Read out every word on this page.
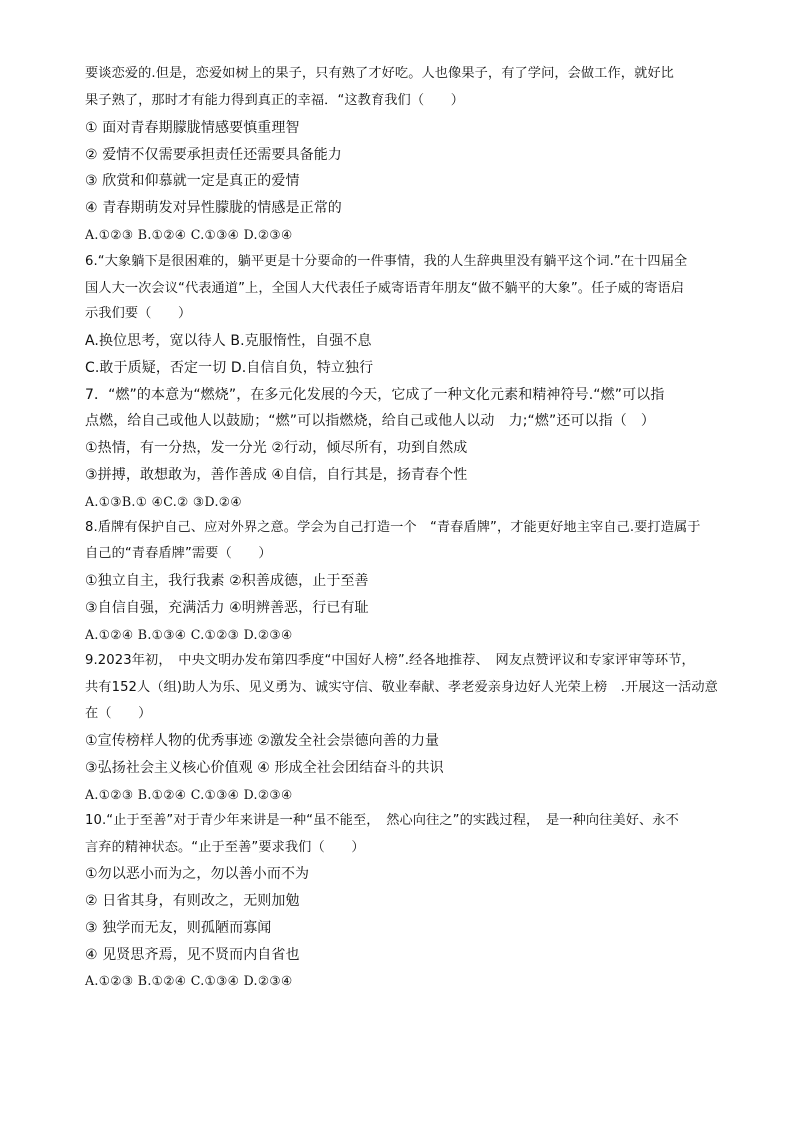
要谈恋爱的.但是，恋爱如树上的果子，只有熟了才好吃。人也像果子，有了学问，会做工作，就好比
果子熟了，那时才有能力得到真正的幸福．“这教育我们（　　）
① 面对青春期朦胧情感要慎重理智
② 爱情不仅需要承担责任还需要具备能力
③ 欣赏和仰慕就一定是真正的爱情
④ 青春期萌发对异性朦胧的情感是正常的
A.①②③ B.①②④ C.①③④ D.②③④
6.“大象躺下是很困难的，躺平更是十分要命的一件事情，我的人生辞典里没有躺平这个词.”在十四届全
国人大一次会议“代表通道”上，全国人大代表任子威寄语青年朋友“做不躺平的大象”。任子威的寄语启
示我们要（　　）
A.换位思考，宽以待人 B.克服惰性，自强不息
C.敢于质疑，否定一切 D.自信自负，特立独行
7．“燃”的本意为“燃烧”，在多元化发展的今天，它成了一种文化元素和精神符号.“燃”可以指
点燃，给自己或他人以鼓励；“燃”可以指燃烧，给自己或他人以动　力;“燃”还可以指（　）
①热情，有一分热，发一分光 ②行动，倾尽所有，功到自然成
③拼搏，敢想敢为，善作善成 ④自信，自行其是，扬青春个性
A.①③B.① ④C.② ③D.②④
8.盾牌有保护自己、应对外界之意。学会为自己打造一个　“青春盾牌”，才能更好地主宰自己.要打造属于
自己的“青春盾牌”需要（　　）
①独立自主，我行我素 ②积善成德，止于至善
③自信自强，充满活力 ④明辨善恶，行已有耻
A.①②④ B.①③④ C.①②③ D.②③④
9.2023年初，　中央文明办发布第四季度“中国好人榜”.经各地推荐、　网友点赞评议和专家评审等环节，
共有152人（组)助人为乐、见义勇为、诚实守信、敬业奉献、孝老爱亲身边好人光荣上榜　.开展这一活动意
在（　　）
①宣传榜样人物的优秀事迹 ②激发全社会崇德向善的力量
③弘扬社会主义核心价值观 ④ 形成全社会团结奋斗的共识
A.①②③ B.①②④ C.①③④ D.②③④
10.“止于至善”对于青少年来讲是一种“虽不能至，　然心向往之”的实践过程，　是一种向往美好、永不
言弃的精神状态。“止于至善”要求我们（　　）
①勿以恶小而为之，勿以善小而不为
② 日省其身，有则改之，无则加勉
③ 独学而无友，则孤陋而寡闻
④ 见贤思齐焉，见不贤而内自省也
A.①②③ B.①②④ C.①③④ D.②③④
